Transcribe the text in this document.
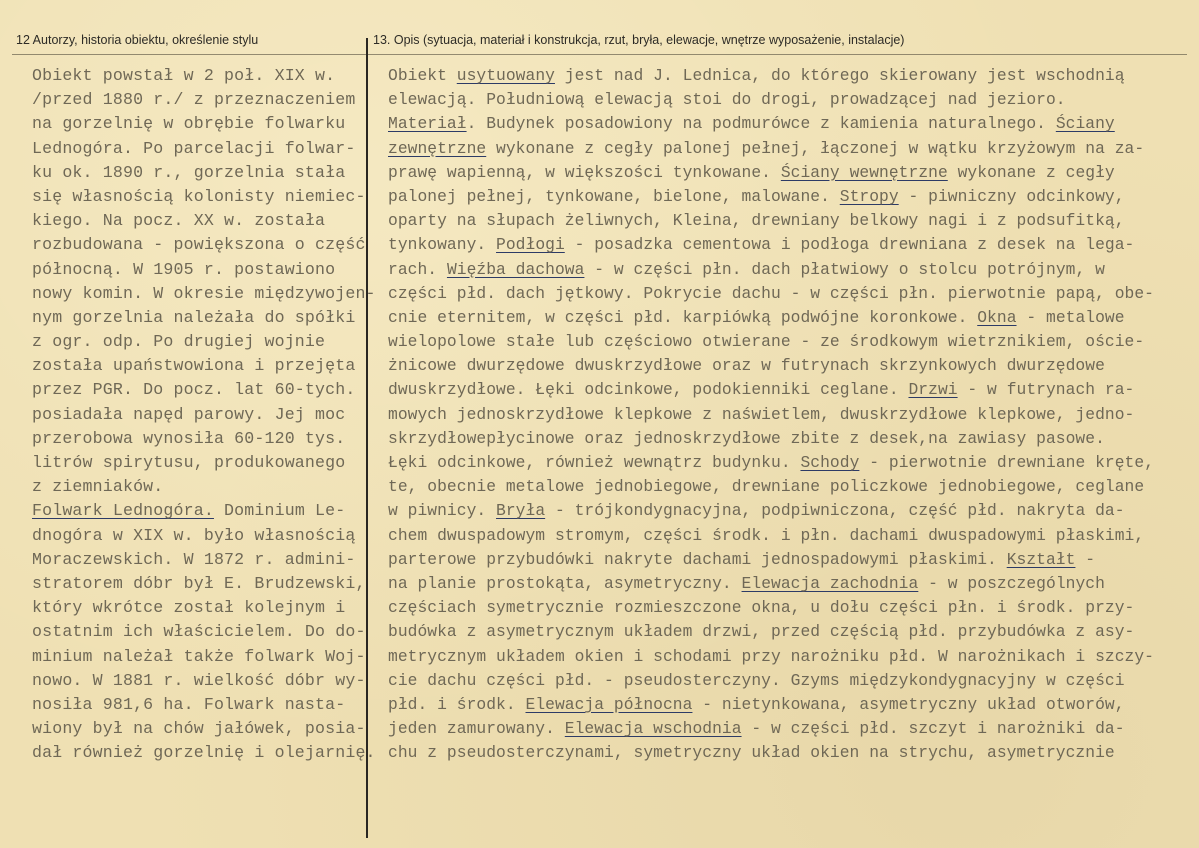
12 Autorzy, historia obiektu, określenie stylu	13. Opis (sytuacja, materiał i konstrukcja, rzut, bryła, elewacje, wnętrze wyposażenie, instalacje)
Obiekt powstał w 2 poł. XIX w.
/przed 1880 r./ z przeznaczeniem
na gorzelnię w obrębie folwarku
Lednogóra. Po parcelacji folwar-
ku ok. 1890 r., gorzelnia stała
się własnością kolonisty niemiec-
kiego. Na pocz. XX w. została
rozbudowana - powiększona o część
północną. W 1905 r. postawiono
nowy komin. W okresie międzywojen-
nym gorzelnia należała do spółki
z ogr. odp. Po drugiej wojnie
została upaństwowiona i przejęta
przez PGR. Do pocz. lat 60-tych.
posiadała napęd parowy. Jej moc
przerobowa wynosiła 60-120 tys.
litrów spirytusu, produkowanego
z ziemniaków.
Folwark Lednogóra. Dominium Le-
dnogóra w XIX w. było własnością
Moraczewskich. W 1872 r. admini-
stratorem dóbr był E. Brudzewski,
który wkrótce został kolejnym i
ostatnim ich właścicielem. Do do-
minium należał także folwark Woj-
nowo. W 1881 r. wielkość dóbr wy-
nosiła 981,6 ha. Folwark nasta-
wiony był na chów jałówek, posia-
dał również gorzelnię i olejarnię.
Obiekt usytuowany jest nad J. Lednica, do którego skierowany jest wschodnią
elewacją. Południową elewacją stoi do drogi, prowadzącej nad jezioro.
Materiał. Budynek posadowiony na podmurówce z kamienia naturalnego. Ściany
zewnętrzne wykonane z cegły palonej pełnej, łączonej w wątku krzyżowym na za-
prawę wapienną, w większości tynkowane. Ściany wewnętrzne wykonane z cegły
palonej pełnej, tynkowane, bielone, malowane. Stropy - piwniczny odcinkowy,
oparty na słupach żeliwnych, Kleina, drewniany belkowy nagi i z podsufitką,
tynkowany. Podłogi - posadzka cementowa i podłoga drewniana z desek na lega-
rach. Więźba dachowa - w części płn. dach płatwiowy o stolcu potrójnym, w
części płd. dach jętkowy. Pokrycie dachu - w części płn. pierwotnie papą, obe-
cnie eternitem, w części płd. karpiówką podwójne koronkowe. Okna - metalowe
wielopolowe stałe lub częściowo otwierane - ze środkowym wietrznikiem, oście-
żnicowe dwurzędowe dwuskrzydłowe oraz w futrynach skrzynkowych dwurzędowe
dwuskrzydłowe. Łęki odcinkowe, podokienniki ceglane. Drzwi - w futrynach ra-
mowych jednoskrzydłowe klepkowe z naświetlem, dwuskrzydłowe klepkowe, jedno-
skrzydłowepłycinowe oraz jednoskrzydłowe zbite z desek,na zawiasy pasowe.
Łęki odcinkowe, również wewnątrz budynku. Schody - pierwotnie drewniane kręte,
te, obecnie metalowe jednobiegowe, drewniane policzkowe jednobiegowe, ceglane
w piwnicy. Bryła - trójkondygnacyjna, podpiwniczona, część płd. nakryta da-
chem dwuspadowym stromym, części środk. i płn. dachami dwuspadowymi płaskimi,
parterowe przybudówki nakryte dachami jednospadowymi płaskimi. Kształt -
na planie prostokąta, asymetryczny. Elewacja zachodnia - w poszczególnych
częściach symetrycznie rozmieszczone okna, u dołu części płn. i środk. przy-
budówka z asymetrycznym układem drzwi, przed częścią płd. przybudówka z asy-
metrycznym układem okien i schodami przy narożniku płd. W narożnikach i szczy-
cie dachu części płd. - pseudosterczyny. Gzyms międzykondygnacyjny w części
płd. i środk. Elewacja północna - nietynkowana, asymetryczny układ otworów,
jeden zamurowany. Elewacja wschodnia - w części płd. szczyt i narożniki da-
chu z pseudosterczynami, symetryczny układ okien na strychu, asymetrycznie
